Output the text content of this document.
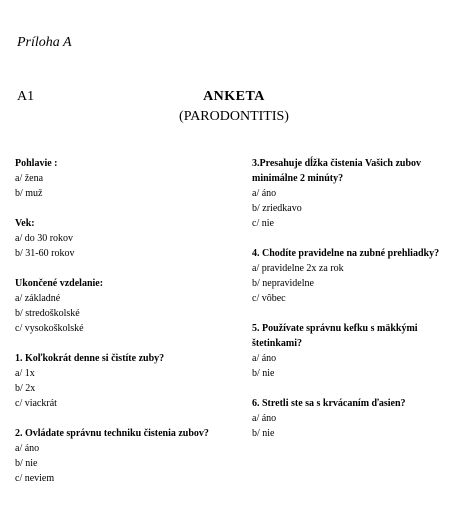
Príloha A
A1	ANKETA
(PARODONTITIS)
Pohlavie :
a/ žena
b/ muž
Vek:
a/ do 30 rokov
b/ 31-60 rokov
Ukončené vzdelanie:
a/ základné
b/ stredoškolské
c/ vysokoškolské
1. Koľkokrát denne si čistíte zuby?
a/ 1x
b/ 2x
c/ viackrát
2. Ovládate správnu techniku čistenia zubov?
a/ áno
b/ nie
c/ neviem
3.Presahuje dĺžka čistenia Vašich zubov minimálne 2 minúty?
a/ áno
b/ zriedkavo
c/ nie
4. Chodíte pravidelne na zubné prehliadky?
a/ pravidelne 2x za rok
b/ nepravidelne
c/ vôbec
5. Používate správnu kefku s mäkkými štetinkami?
a/ áno
b/ nie
6. Stretli ste sa s krvácaním ďasien?
a/ áno
b/ nie
